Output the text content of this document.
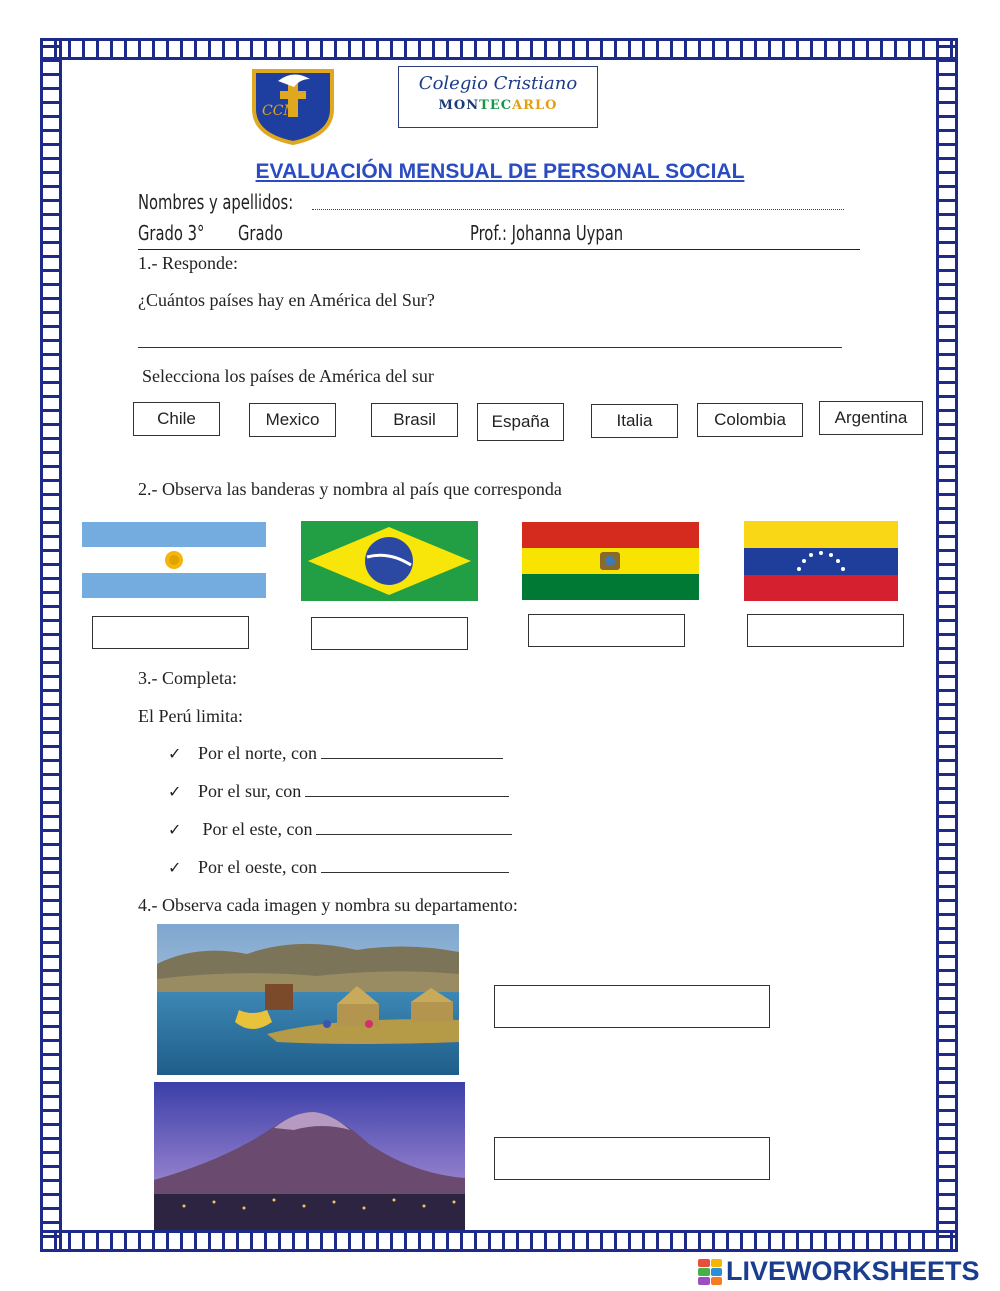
CCM
Colegio Cristiano
MONTECARLO
EVALUACIÓN MENSUAL DE PERSONAL SOCIAL
Nombres y apellidos:
Grado 3° Grado	Prof.: Johanna Uypan
1.- Responde:
¿Cuántos países hay en América del Sur?
Selecciona los países de América del sur
Chile	Mexico	Brasil	España	Italia	Colombia	Argentina
2.- Observa las banderas y nombra al país que corresponda
3.- Completa:
El Perú limita:
✓ Por el norte, con
✓ Por el sur, con
✓ Por el este, con
✓ Por el oeste, con
4.- Observa cada imagen y nombra su departamento:
LIVEWORKSHEETS
